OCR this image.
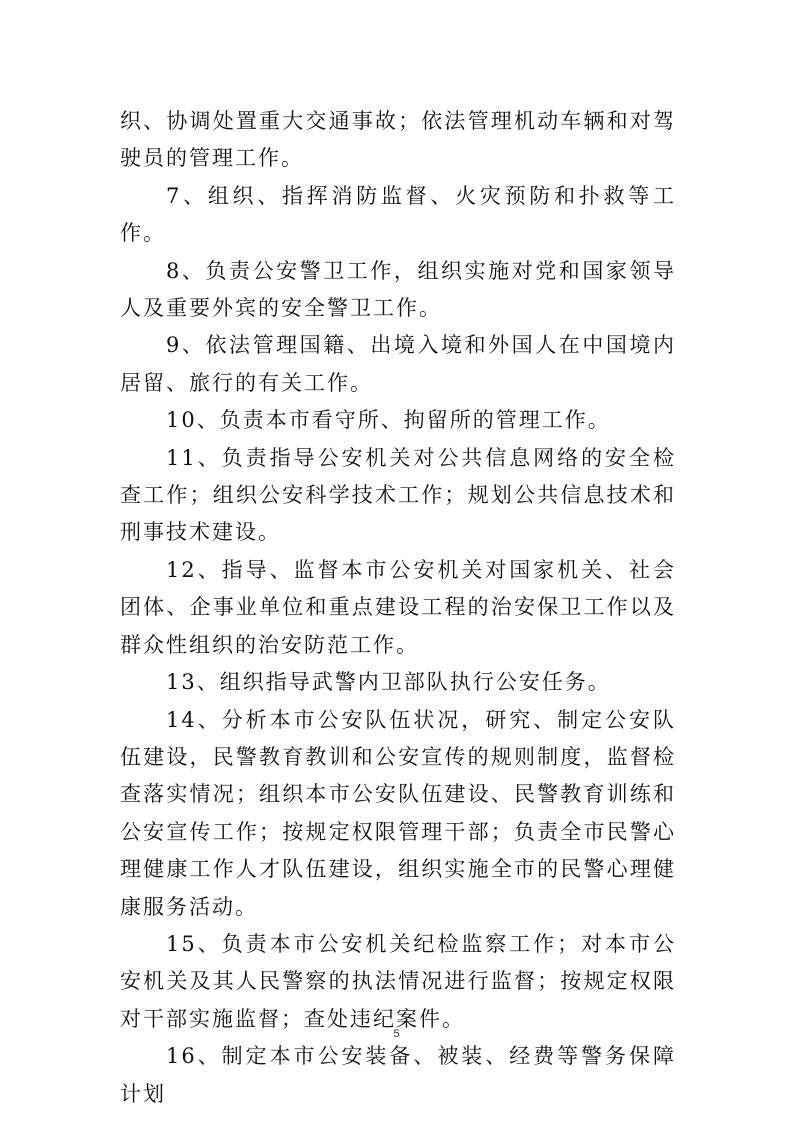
织、协调处置重大交通事故；依法管理机动车辆和对驾驶员的管理工作。

7、组织、指挥消防监督、火灾预防和扑救等工作。

8、负责公安警卫工作，组织实施对党和国家领导人及重要外宾的安全警卫工作。

9、依法管理国籍、出境入境和外国人在中国境内居留、旅行的有关工作。

10、负责本市看守所、拘留所的管理工作。

11、负责指导公安机关对公共信息网络的安全检查工作；组织公安科学技术工作；规划公共信息技术和刑事技术建设。

12、指导、监督本市公安机关对国家机关、社会团体、企事业单位和重点建设工程的治安保卫工作以及群众性组织的治安防范工作。

13、组织指导武警内卫部队执行公安任务。

14、分析本市公安队伍状况，研究、制定公安队伍建设，民警教育教训和公安宣传的规则制度，监督检查落实情况；组织本市公安队伍建设、民警教育训练和公安宣传工作；按规定权限管理干部；负责全市民警心理健康工作人才队伍建设，组织实施全市的民警心理健康服务活动。

15、负责本市公安机关纪检监察工作；对本市公安机关及其人民警察的执法情况进行监督；按规定权限对干部实施监督；查处违纪案件。

16、制定本市公安装备、被装、经费等警务保障计划

5
